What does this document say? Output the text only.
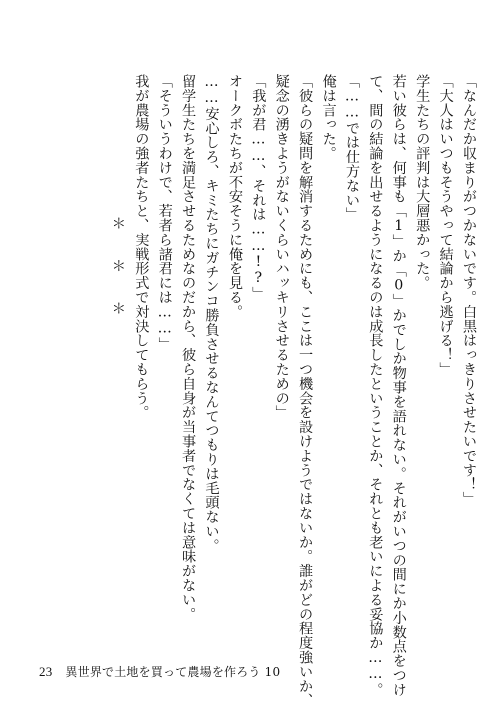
「なんだか収まりがつかないです。白黒はっきりさせたいです！」
「大人はいつもそうやって結論から逃げる！」
学生たちの評判は大層悪かった。
若い彼らは、何事も「1」か「0」かでしか物事を語れない。それがいつの間にか小数点をつけ
て、間の結論を出せるようになるのは成長したということか、それとも老いによる妥協か……。
「……では仕方ない」
俺は言った。
「彼らの疑問を解消するためにも、ここは一つ機会を設けようではないか。誰がどの程度強いか、
疑念の湧きようがないくらいハッキリさせるための」
「我が君……、それは……!?」
オークボたちが不安そうに俺を見る。
……安心しろ、キミたちにガチンコ勝負させるなんてつもりは毛頭ない。
留学生たちを満足させるためなのだから、彼ら自身が当事者でなくては意味がない。
「そういうわけで、若者ら諸君には……」
我が農場の強者たちと、実戦形式で対決してもらう。
＊　　＊　　＊
23 異世界で土地を買って農場を作ろう 10
